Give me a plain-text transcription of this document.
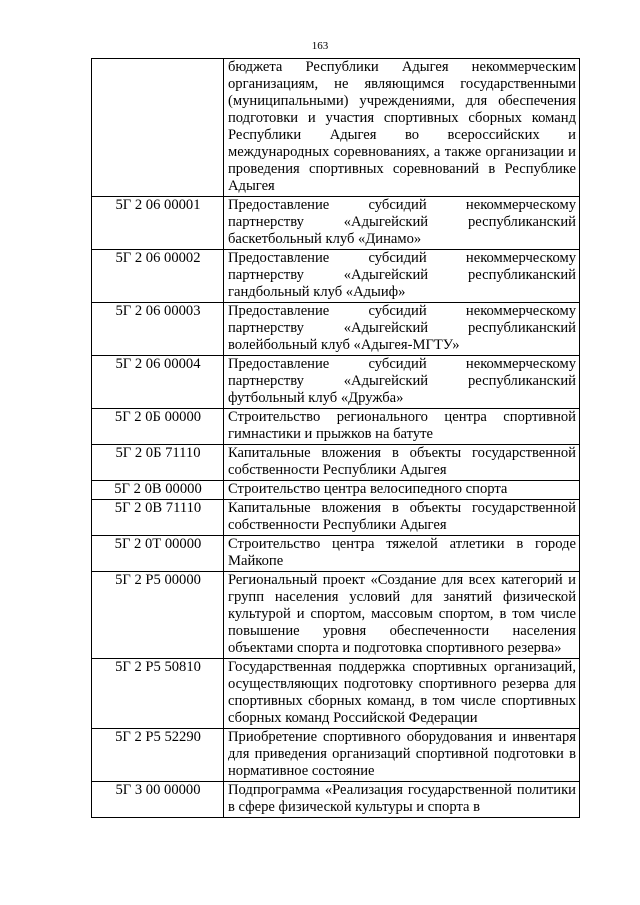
163
	бюджета Республики Адыгея некоммерческим организациям, не являющимся государственными (муниципальными) учреждениями, для обеспечения подготовки и участия спортивных сборных команд Республики Адыгея во всероссийских и международных соревнованиях, а также организации и проведения спортивных соревнований в Республике Адыгея
5Г 2 06 00001	Предоставление субсидий некоммерческому партнерству «Адыгейский республиканский баскетбольный клуб «Динамо»
5Г 2 06 00002	Предоставление субсидий некоммерческому партнерству «Адыгейский республиканский гандбольный клуб «Адыиф»
5Г 2 06 00003	Предоставление субсидий некоммерческому партнерству «Адыгейский республиканский волейбольный клуб «Адыгея-МГТУ»
5Г 2 06 00004	Предоставление субсидий некоммерческому партнерству «Адыгейский республиканский футбольный клуб «Дружба»
5Г 2 0Б 00000	Строительство регионального центра спортивной гимнастики и прыжков на батуте
5Г 2 0Б 71110	Капитальные вложения в объекты государственной собственности Республики Адыгея
5Г 2 0В 00000	Строительство центра велосипедного спорта
5Г 2 0В 71110	Капитальные вложения в объекты государственной собственности Республики Адыгея
5Г 2 0Т 00000	Строительство центра тяжелой атлетики в городе Майкопе
5Г 2 Р5 00000	Региональный проект «Создание для всех категорий и групп населения условий для занятий физической культурой и спортом, массовым спортом, в том числе повышение уровня обеспеченности населения объектами спорта и подготовка спортивного резерва»
5Г 2 Р5 50810	Государственная поддержка спортивных организаций, осуществляющих подготовку спортивного резерва для спортивных сборных команд, в том числе спортивных сборных команд Российской Федерации
5Г 2 Р5 52290	Приобретение спортивного оборудования и инвентаря для приведения организаций спортивной подготовки в нормативное состояние
5Г 3 00 00000	Подпрограмма «Реализация государственной политики в сфере физической культуры и спорта в
